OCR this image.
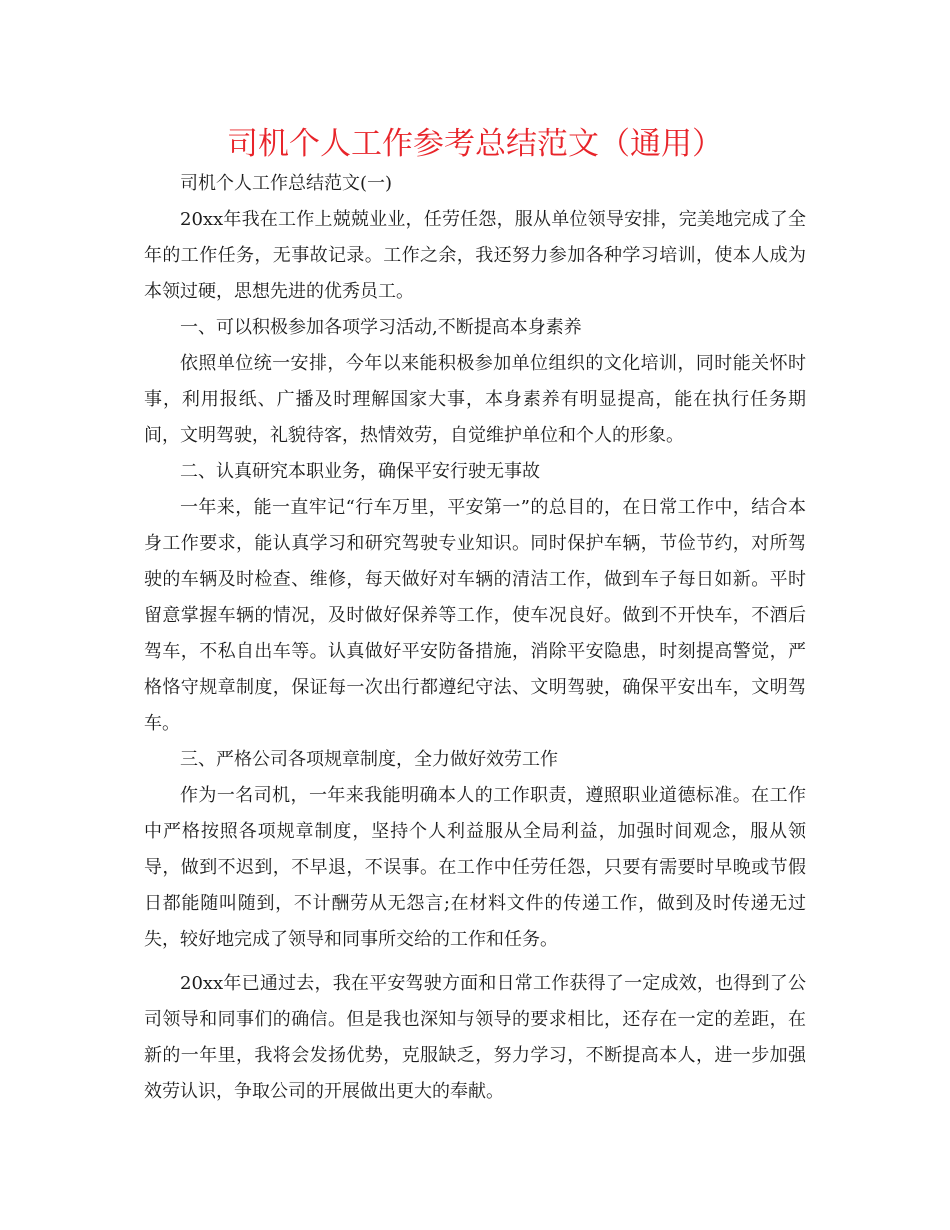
司机个人工作参考总结范文（通用）

司机个人工作总结范文(一)

20xx年我在工作上兢兢业业，任劳任怨，服从单位领导安排，完美地完成了全年的工作任务，无事故记录。工作之余，我还努力参加各种学习培训，使本人成为本领过硬，思想先进的优秀员工。

一、可以积极参加各项学习活动,不断提高本身素养

依照单位统一安排，今年以来能积极参加单位组织的文化培训，同时能关怀时事，利用报纸、广播及时理解国家大事，本身素养有明显提高，能在执行任务期间，文明驾驶，礼貌待客，热情效劳，自觉维护单位和个人的形象。

二、认真研究本职业务，确保平安行驶无事故

一年来，能一直牢记“行车万里，平安第一”的总目的，在日常工作中，结合本身工作要求，能认真学习和研究驾驶专业知识。同时保护车辆，节俭节约，对所驾驶的车辆及时检查、维修，每天做好对车辆的清洁工作，做到车子每日如新。平时留意掌握车辆的情况，及时做好保养等工作，使车况良好。做到不开快车，不酒后驾车，不私自出车等。认真做好平安防备措施，消除平安隐患，时刻提高警觉，严格恪守规章制度，保证每一次出行都遵纪守法、文明驾驶，确保平安出车，文明驾车。

三、严格公司各项规章制度，全力做好效劳工作

作为一名司机，一年来我能明确本人的工作职责，遵照职业道德标准。在工作中严格按照各项规章制度，坚持个人利益服从全局利益，加强时间观念，服从领导，做到不迟到，不早退，不误事。在工作中任劳任怨，只要有需要时早晚或节假日都能随叫随到，不计酬劳从无怨言;在材料文件的传递工作，做到及时传递无过失，较好地完成了领导和同事所交给的工作和任务。

20xx年已通过去，我在平安驾驶方面和日常工作获得了一定成效，也得到了公司领导和同事们的确信。但是我也深知与领导的要求相比，还存在一定的差距，在新的一年里，我将会发扬优势，克服缺乏，努力学习，不断提高本人，进一步加强效劳认识，争取公司的开展做出更大的奉献。
